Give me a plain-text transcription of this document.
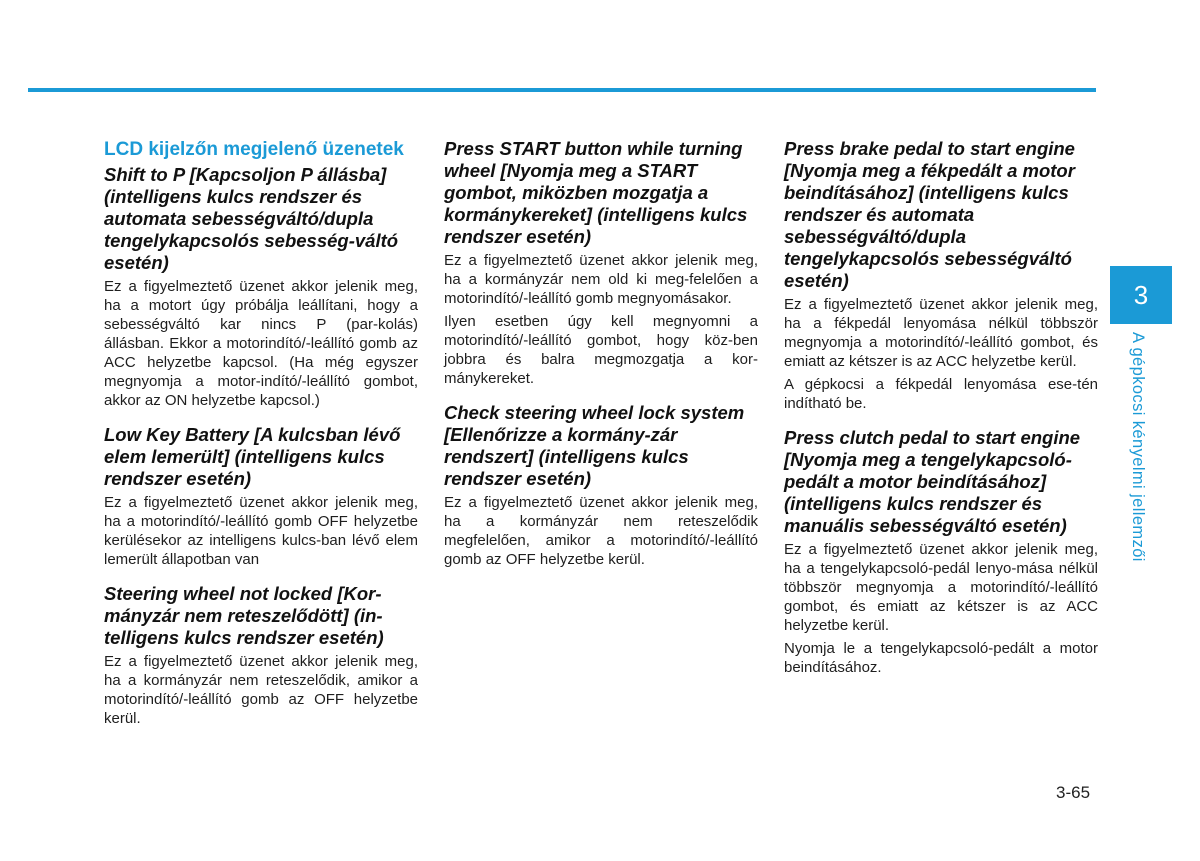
LCD kijelzőn megjelenő üzenetek
Shift to P [Kapcsoljon P állásba] (intelligens kulcs rendszer és automata sebességváltó/dupla tengelykapcsolós sebesség-váltó esetén)

Ez a figyelmeztető üzenet akkor jelenik meg, ha a motort úgy próbálja leállítani, hogy a sebességváltó kar nincs P (par-kolás) állásban. Ekkor a motorindító/-leállító gomb az ACC helyzetbe kapcsol. (Ha még egyszer megnyomja a motor-indító/-leállító gombot, akkor az ON helyzetbe kapcsol.)

Low Key Battery [A kulcsban lévő elem lemerült] (intelligens kulcs rendszer esetén)

Ez a figyelmeztető üzenet akkor jelenik meg, ha a motorindító/-leállító gomb OFF helyzetbe kerülésekor az intelligens kulcs-ban lévő elem lemerült állapotban van

Steering wheel not locked [Kor-mányzár nem reteszelődött] (in-telligens kulcs rendszer esetén)

Ez a figyelmeztető üzenet akkor jelenik meg, ha a kormányzár nem reteszelődik, amikor a motorindító/-leállító gomb az OFF helyzetbe kerül.

Press START button while turning wheel [Nyomja meg a START gombot, miközben mozgatja a kormánykereket] (intelligens kulcs rendszer esetén)

Ez a figyelmeztető üzenet akkor jelenik meg, ha a kormányzár nem old ki meg-felelően a motorindító/-leállító gomb megnyomásakor.

Ilyen esetben úgy kell megnyomni a motorindító/-leállító gombot, hogy köz-ben jobbra és balra megmozgatja a kor-mánykereket.

Check steering wheel lock system [Ellenőrizze a kormány-zár rendszert] (intelligens kulcs rendszer esetén)

Ez a figyelmeztető üzenet akkor jelenik meg, ha a kormányzár nem reteszelődik megfelelően, amikor a motorindító/-leállító gomb az OFF helyzetbe kerül.

Press brake pedal to start engine [Nyomja meg a fékpedált a motor beindításához] (intelligens kulcs rendszer és automata sebességváltó/dupla tengelykapcsolós sebességváltó esetén)

Ez a figyelmeztető üzenet akkor jelenik meg, ha a fékpedál lenyomása nélkül többször megnyomja a motorindító/-leállító gombot, és emiatt az kétszer is az ACC helyzetbe kerül.

A gépkocsi a fékpedál lenyomása ese-tén indítható be.

Press clutch pedal to start engine [Nyomja meg a tengelykapcsoló-pedált a motor beindításához] (intelligens kulcs rendszer és manuális sebességváltó esetén)

Ez a figyelmeztető üzenet akkor jelenik meg, ha a tengelykapcsoló-pedál lenyo-mása nélkül többször megnyomja a motorindító/-leállító gombot, és emiatt az kétszer is az ACC helyzetbe kerül.

Nyomja le a tengelykapcsoló-pedált a motor beindításához.

3
A gépkocsi kényelmi jellemzői
3-65
